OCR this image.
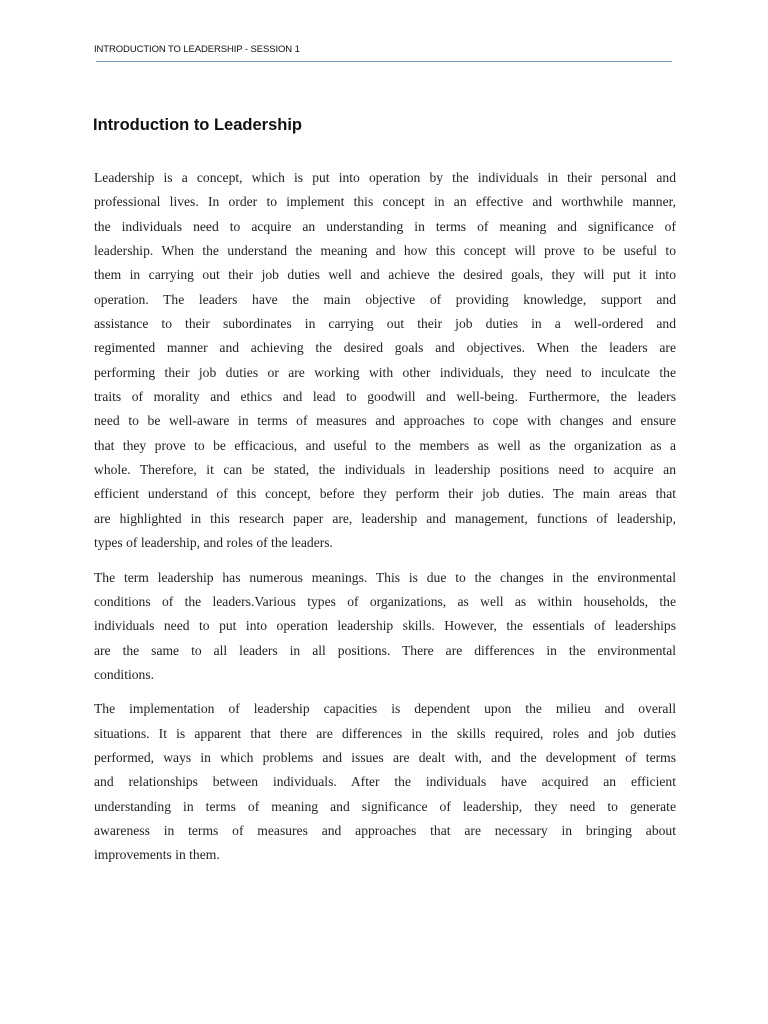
INTRODUCTION TO LEADERSHIP - SESSION 1
Introduction to Leadership
Leadership is a concept, which is put into operation by the individuals in their personal and
professional lives. In order to implement this concept in an effective and worthwhile manner,
the individuals need to acquire an understanding in terms of meaning and significance of
leadership. When the understand the meaning and how this concept will prove to be useful to
them in carrying out their job duties well and achieve the desired goals, they will put it into
operation. The leaders have the main objective of providing knowledge, support and
assistance to their subordinates in carrying out their job duties in a well-ordered and
regimented manner and achieving the desired goals and objectives. When the leaders are
performing their job duties or are working with other individuals, they need to inculcate the
traits of morality and ethics and lead to goodwill and well-being. Furthermore, the leaders
need to be well-aware in terms of measures and approaches to cope with changes and ensure
that they prove to be efficacious, and useful to the members as well as the organization as a
whole. Therefore, it can be stated, the individuals in leadership positions need to acquire an
efficient understand of this concept, before they perform their job duties. The main areas that
are highlighted in this research paper are, leadership and management, functions of leadership,
types of leadership, and roles of the leaders.
The term leadership has numerous meanings. This is due to the changes in the environmental
conditions of the leaders.Various types of organizations, as well as within households, the
individuals need to put into operation leadership skills. However, the essentials of leaderships
are the same to all leaders in all positions. There are differences in the environmental
conditions.
The implementation of leadership capacities is dependent upon the milieu and overall
situations. It is apparent that there are differences in the skills required, roles and job duties
performed, ways in which problems and issues are dealt with, and the development of terms
and relationships between individuals. After the individuals have acquired an efficient
understanding in terms of meaning and significance of leadership, they need to generate
awareness in terms of measures and approaches that are necessary in bringing about
improvements in them.
